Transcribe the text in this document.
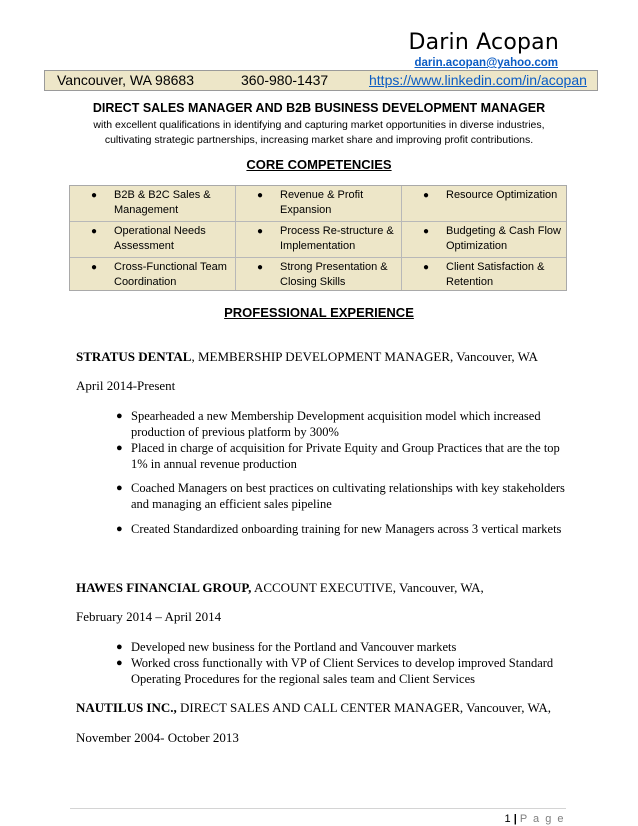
Darin Acopan
darin.acopan@yahoo.com
Vancouver, WA 98683	360-980-1437	https://www.linkedin.com/in/acopan
DIRECT SALES MANAGER AND B2B BUSINESS DEVELOPMENT MANAGER
with excellent qualifications in identifying and capturing market opportunities in diverse industries, cultivating strategic partnerships, increasing market share and improving profit contributions.
CORE COMPETENCIES
● B2B & B2C Sales & Management
● Revenue & Profit Expansion
● Resource Optimization
● Operational Needs Assessment
● Process Re-structure & Implementation
● Budgeting & Cash Flow Optimization
● Cross-Functional Team Coordination
● Strong Presentation & Closing Skills
● Client Satisfaction & Retention
PROFESSIONAL EXPERIENCE
STRATUS DENTAL, MEMBERSHIP DEVELOPMENT MANAGER, Vancouver, WA
April 2014-Present
● Spearheaded a new Membership Development acquisition model which increased production of previous platform by 300%
● Placed in charge of acquisition for Private Equity and Group Practices that are the top 1% in annual revenue production
● Coached Managers on best practices on cultivating relationships with key stakeholders and managing an efficient sales pipeline
● Created Standardized onboarding training for new Managers across 3 vertical markets
HAWES FINANCIAL GROUP, ACCOUNT EXECUTIVE, Vancouver, WA,
February 2014 – April 2014
● Developed new business for the Portland and Vancouver markets
● Worked cross functionally with VP of Client Services to develop improved Standard Operating Procedures for the regional sales team and Client Services
NAUTILUS INC., DIRECT SALES AND CALL CENTER MANAGER, Vancouver, WA,
November 2004- October 2013
1 | P a g e
